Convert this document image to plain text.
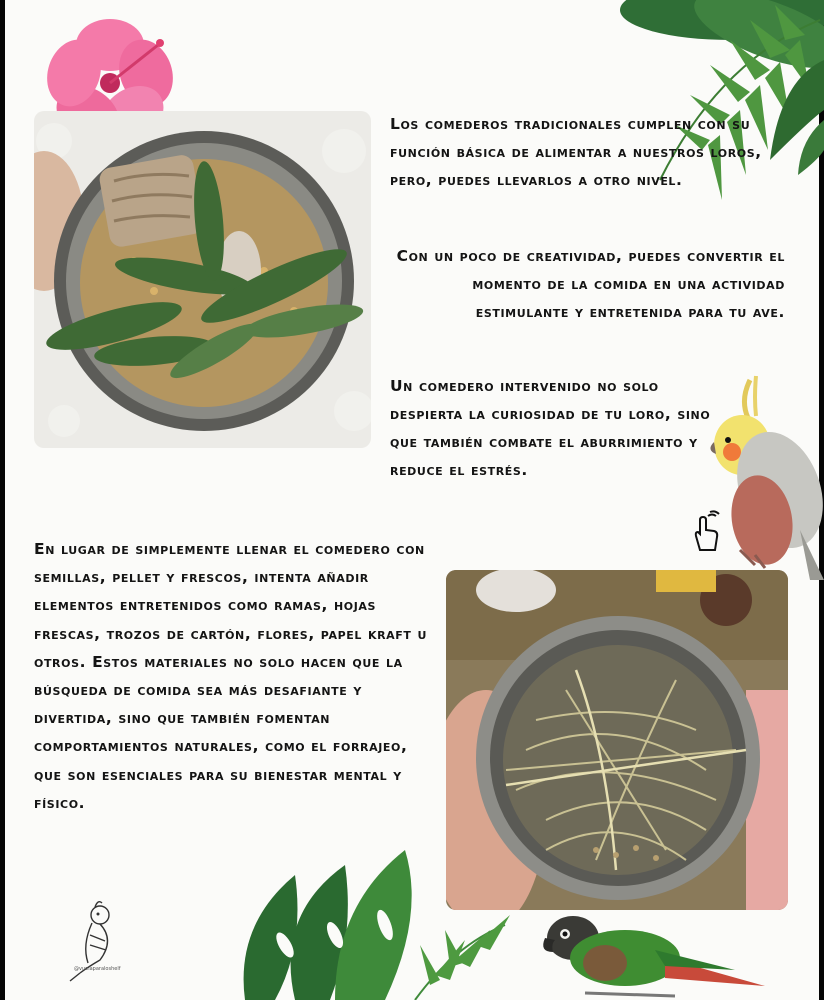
Los comederos tradicionales cumplen con su función básica de alimentar a nuestros loros, pero, puedes llevarlos a otro nivel.

Con un poco de creatividad, puedes convertir el momento de la comida en una actividad estimulante y entretenida para tu ave.

Un comedero intervenido no solo despierta la curiosidad de tu loro, sino que también combate el aburrimiento y reduce el estrés.

En lugar de simplemente llenar el comedero con semillas, pellet y frescos, intenta añadir elementos entretenidos como ramas, hojas frescas, trozos de cartón, flores, papel kraft u otros. Estos materiales no solo hacen que la búsqueda de comida sea más desafiante y divertida, sino que también fomentan comportamientos naturales, como el forrajeo, que son esenciales para su bienestar mental y físico.

@vuelaparaloshelf
